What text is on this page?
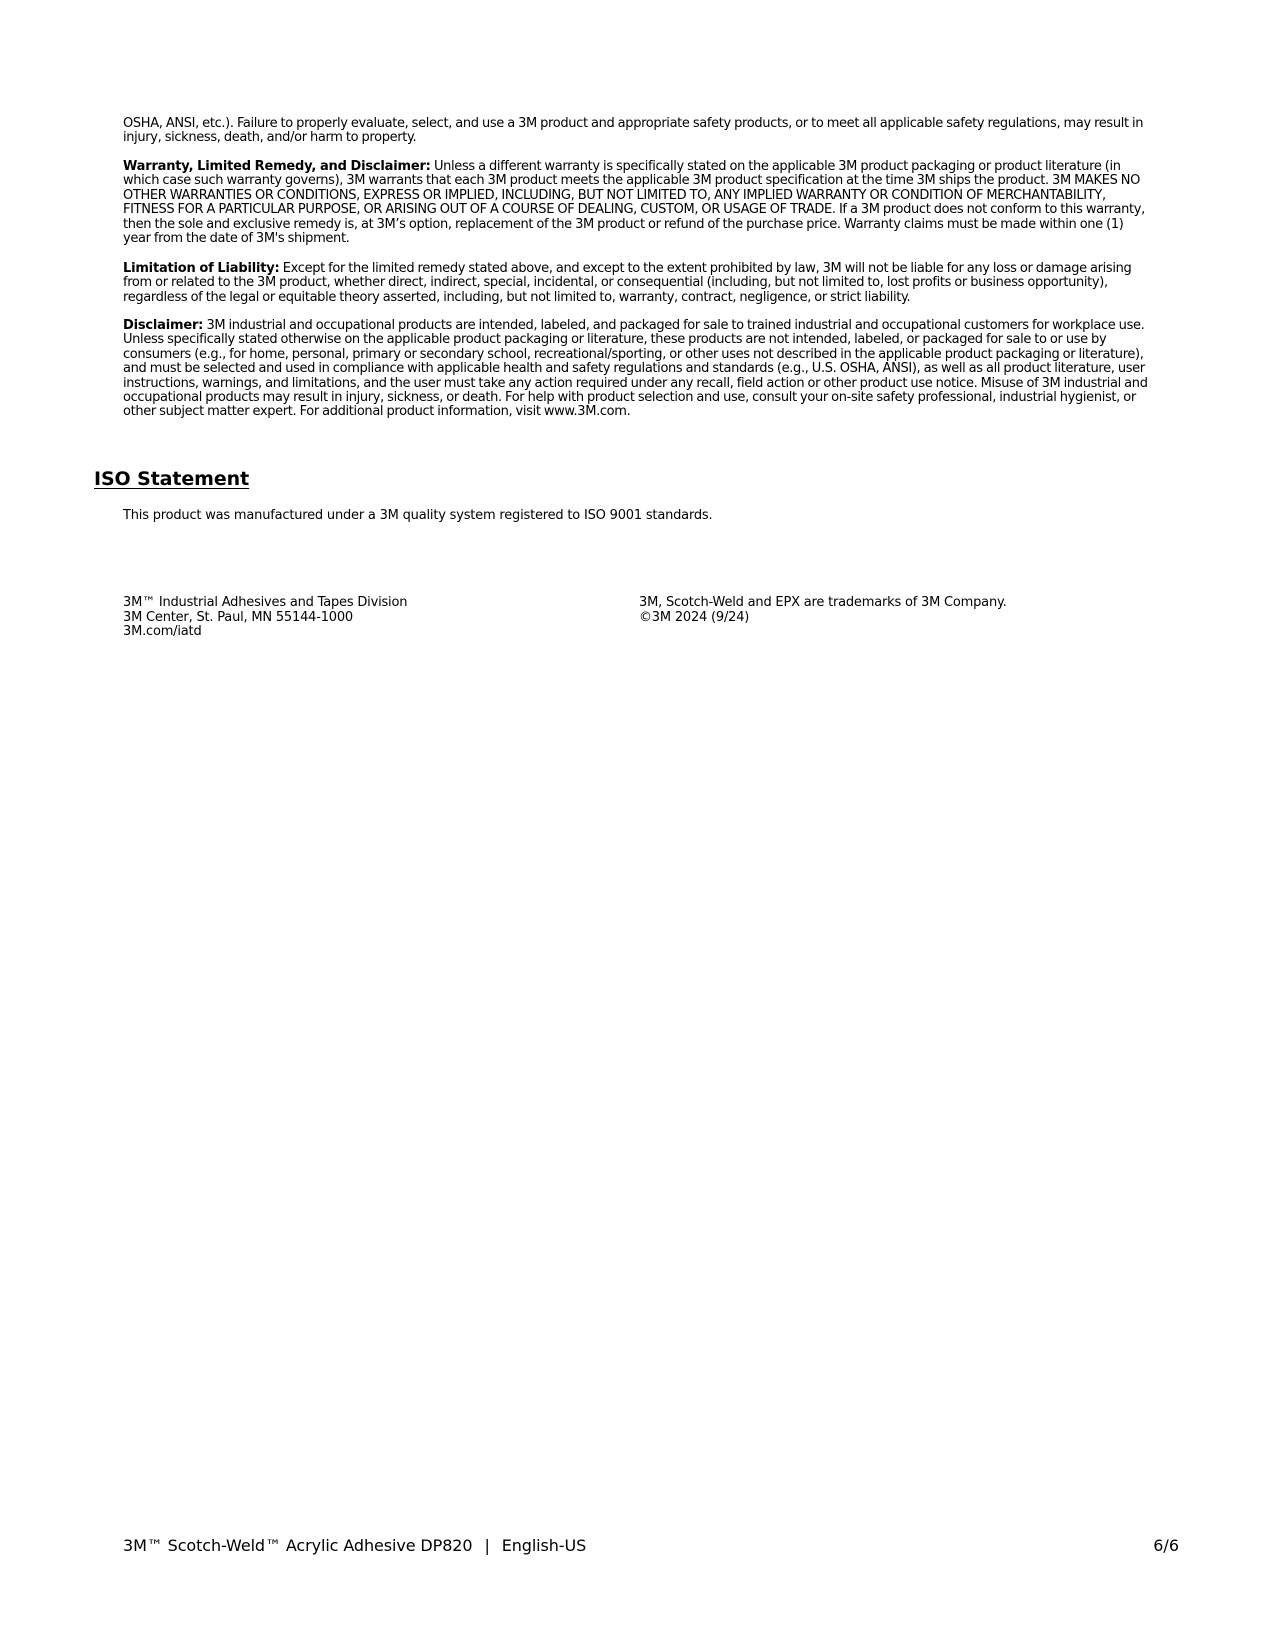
OSHA, ANSI, etc.). Failure to properly evaluate, select, and use a 3M product and appropriate safety products, or to meet all applicable safety regulations, may result in injury, sickness, death, and/or harm to property.

Warranty, Limited Remedy, and Disclaimer: Unless a different warranty is specifically stated on the applicable 3M product packaging or product literature (in which case such warranty governs), 3M warrants that each 3M product meets the applicable 3M product specification at the time 3M ships the product. 3M MAKES NO OTHER WARRANTIES OR CONDITIONS, EXPRESS OR IMPLIED, INCLUDING, BUT NOT LIMITED TO, ANY IMPLIED WARRANTY OR CONDITION OF MERCHANTABILITY, FITNESS FOR A PARTICULAR PURPOSE, OR ARISING OUT OF A COURSE OF DEALING, CUSTOM, OR USAGE OF TRADE. If a 3M product does not conform to this warranty, then the sole and exclusive remedy is, at 3M’s option, replacement of the 3M product or refund of the purchase price. Warranty claims must be made within one (1) year from the date of 3M's shipment.

Limitation of Liability: Except for the limited remedy stated above, and except to the extent prohibited by law, 3M will not be liable for any loss or damage arising from or related to the 3M product, whether direct, indirect, special, incidental, or consequential (including, but not limited to, lost profits or business opportunity), regardless of the legal or equitable theory asserted, including, but not limited to, warranty, contract, negligence, or strict liability.

Disclaimer: 3M industrial and occupational products are intended, labeled, and packaged for sale to trained industrial and occupational customers for workplace use. Unless specifically stated otherwise on the applicable product packaging or literature, these products are not intended, labeled, or packaged for sale to or use by consumers (e.g., for home, personal, primary or secondary school, recreational/sporting, or other uses not described in the applicable product packaging or literature), and must be selected and used in compliance with applicable health and safety regulations and standards (e.g., U.S. OSHA, ANSI), as well as all product literature, user instructions, warnings, and limitations, and the user must take any action required under any recall, field action or other product use notice. Misuse of 3M industrial and occupational products may result in injury, sickness, or death. For help with product selection and use, consult your on-site safety professional, industrial hygienist, or other subject matter expert. For additional product information, visit www.3M.com.

ISO Statement

This product was manufactured under a 3M quality system registered to ISO 9001 standards.

3M™ Industrial Adhesives and Tapes Division
3M Center, St. Paul, MN 55144-1000
3M.com/iatd
3M, Scotch-Weld and EPX are trademarks of 3M Company.
©3M 2024 (9/24)
3M™ Scotch-Weld™ Acrylic Adhesive DP820 | English-US	6/6
